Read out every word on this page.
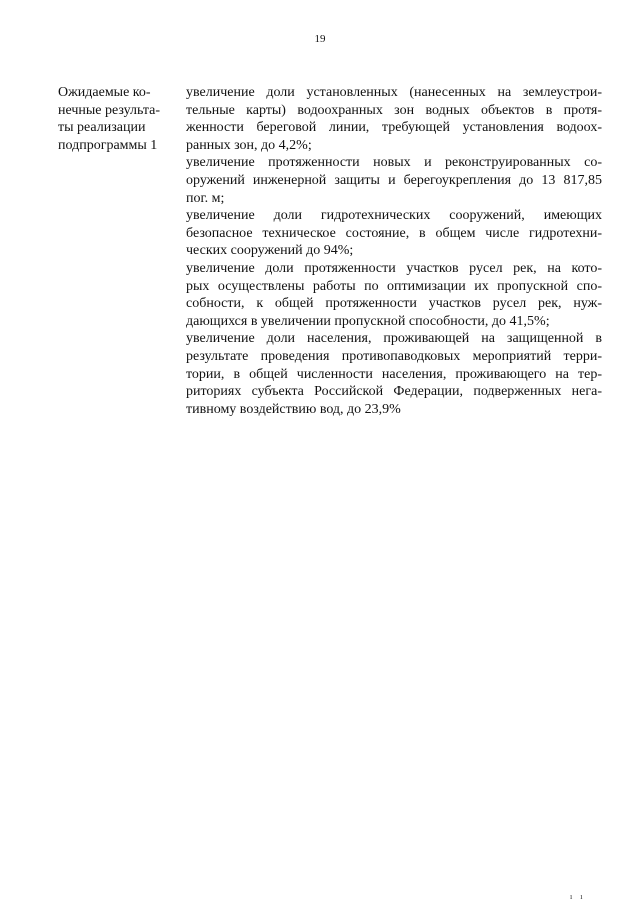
19
Ожидаемые ко-
нечные результа-
ты реализации
подпрограммы 1
увеличение доли установленных (нанесенных на землеустрои-
тельные карты) водоохранных зон водных объектов в протя-
женности береговой линии, требующей установления водоох-
ранных зон, до 4,2%;
увеличение протяженности новых и реконструированных со-
оружений инженерной защиты и берегоукрепления до 13 817,85
пог. м;
увеличение доли гидротехнических сооружений, имеющих
безопасное техническое состояние, в общем числе гидротехни-
ческих сооружений до 94%;
увеличение доли протяженности участков русел рек, на кото-
рых осуществлены работы по оптимизации их пропускной спо-
собности, к общей протяженности участков русел рек, нуж-
дающихся в увеличении пропускной способности, до 41,5%;
увеличение доли населения, проживающей на защищенной в
результате проведения противопаводковых мероприятий терри-
тории, в общей численности населения, проживающего на тер-
риториях субъекта Российской Федерации, подверженных нега-
тивному воздействию вод, до 23,9%
ı ı
